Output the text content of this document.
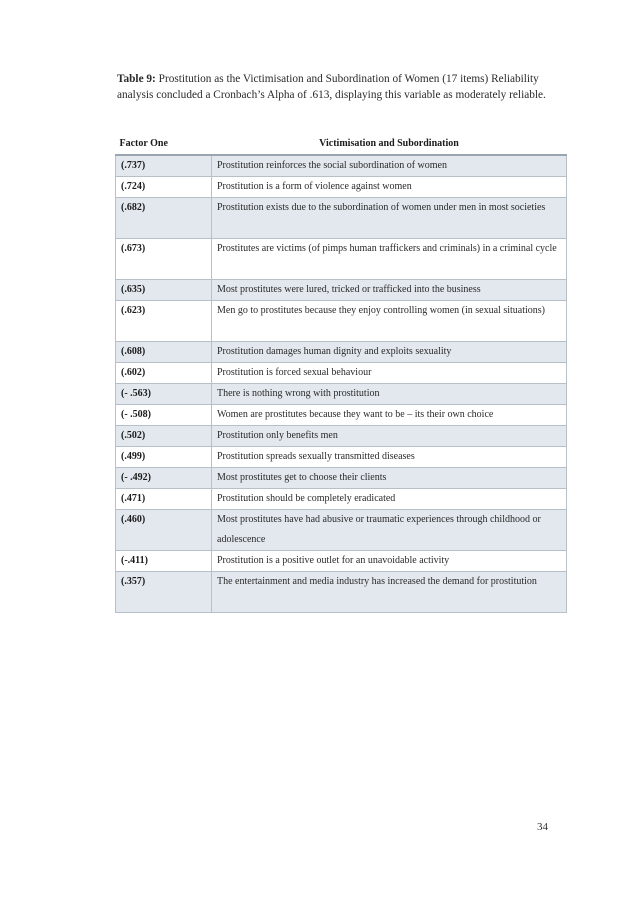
Table 9: Prostitution as the Victimisation and Subordination of Women (17 items) Reliability analysis concluded a Cronbach’s Alpha of .613, displaying this variable as moderately reliable.
Factor One	Victimisation and Subordination
(.737)	Prostitution reinforces the social subordination of women
(.724)	Prostitution is a form of violence against women
(.682)	Prostitution exists due to the subordination of women under men in most societies
(.673)	Prostitutes are victims (of pimps human traffickers and criminals) in a criminal cycle
(.635)	Most prostitutes were lured, tricked or trafficked into the business
(.623)	Men go to prostitutes because they enjoy controlling women (in sexual situations)
(.608)	Prostitution damages human dignity and exploits sexuality
(.602)	Prostitution is forced sexual behaviour
(- .563)	There is nothing wrong with prostitution
(- .508)	Women are prostitutes because they want to be – its their own choice
(.502)	Prostitution only benefits men
(.499)	Prostitution spreads sexually transmitted diseases
(- .492)	Most prostitutes get to choose their clients
(.471)	Prostitution should be completely eradicated
(.460)	Most prostitutes have had abusive or traumatic experiences through childhood or adolescence
(-.411)	Prostitution is a positive outlet for an unavoidable activity
(.357)	The entertainment and media industry has increased the demand for prostitution
34
